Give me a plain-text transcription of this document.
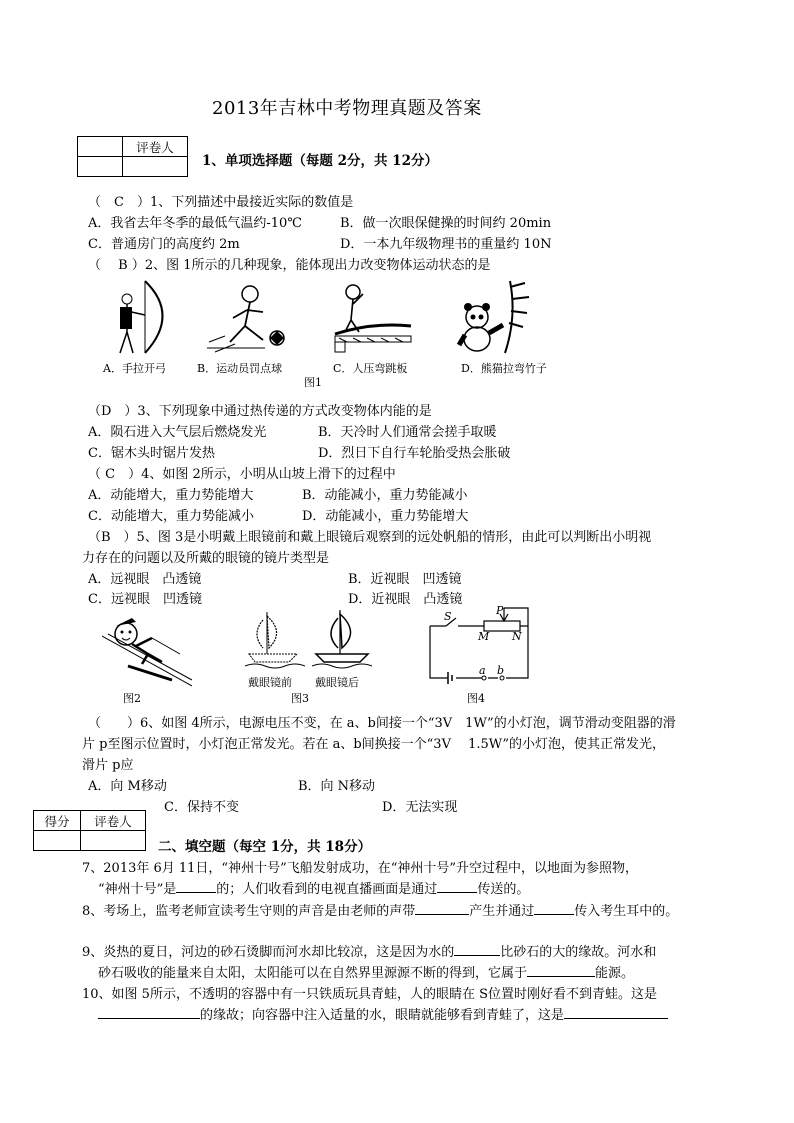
2013年吉林中考物理真题及答案
	评卷人

1、单项选择题（每题 2分，共 12分）
（　C　）1、下列描述中最接近实际的数值是
A．我省去年冬季的最低气温约-10℃	B．做一次眼保健操的时间约 20min
C．普通房门的高度约 2m	D．一本九年级物理书的重量约 10N
（　 B ）2、图 1所示的几种现象，能体现出力改变物体运动状态的是
A．手拉开弓	B．运动员罚点球	C．人压弯跳板	D．熊猫拉弯竹子
图1
（D　）3、下列现象中通过热传递的方式改变物体内能的是
A．陨石进入大气层后燃烧发光	B．天冷时人们通常会搓手取暖
C．锯木头时锯片发热	D．烈日下自行车轮胎受热会胀破
（ C　）4、如图 2所示，小明从山坡上滑下的过程中
A．动能增大，重力势能增大	B．动能减小，重力势能减小
C．动能增大，重力势能减小	D．动能减小，重力势能增大
（B　）5、图 3是小明戴上眼镜前和戴上眼镜后观察到的远处帆船的情形，由此可以判断出小明视
力存在的问题以及所戴的眼镜的镜片类型是
A．远视眼　凸透镜	B．近视眼　凹透镜
C．远视眼　凹透镜	D．近视眼　凸透镜
图2
戴眼镜前 戴眼镜后
图3
S	P
M N
a b
图4
（　　）6、如图 4所示，电源电压不变，在 a、b间接一个“3V　1W”的小灯泡，调节滑动变阻器的滑
片 p至图示位置时，小灯泡正常发光。若在 a、b间换接一个“3V　 1.5W”的小灯泡，使其正常发光，
滑片 p应
A．向 M移动	B．向 N移动
C．保持不变	D．无法实现
得分	评卷人

二、填空题（每空 1分，共 18分）
7、2013年 6月 11日，“神州十号”飞船发射成功，在“神州十号”升空过程中，以地面为参照物，
“神州十号”是	的；人们收看到的电视直播画面是通过	传送的。
8、考场上，监考老师宣读考生守则的声音是由老师的声带	产生并通过	传入考生耳中的。
9、炎热的夏日，河边的砂石烫脚而河水却比较凉，这是因为水的	比砂石的大的缘故。河水和
砂石吸收的能量来自太阳，太阳能可以在自然界里源源不断的得到，它属于	能源。
10、如图 5所示，不透明的容器中有一只铁质玩具青蛙，人的眼睛在 S位置时刚好看不到青蛙。这是
的缘故；向容器中注入适量的水，眼睛就能够看到青蛙了，这是
